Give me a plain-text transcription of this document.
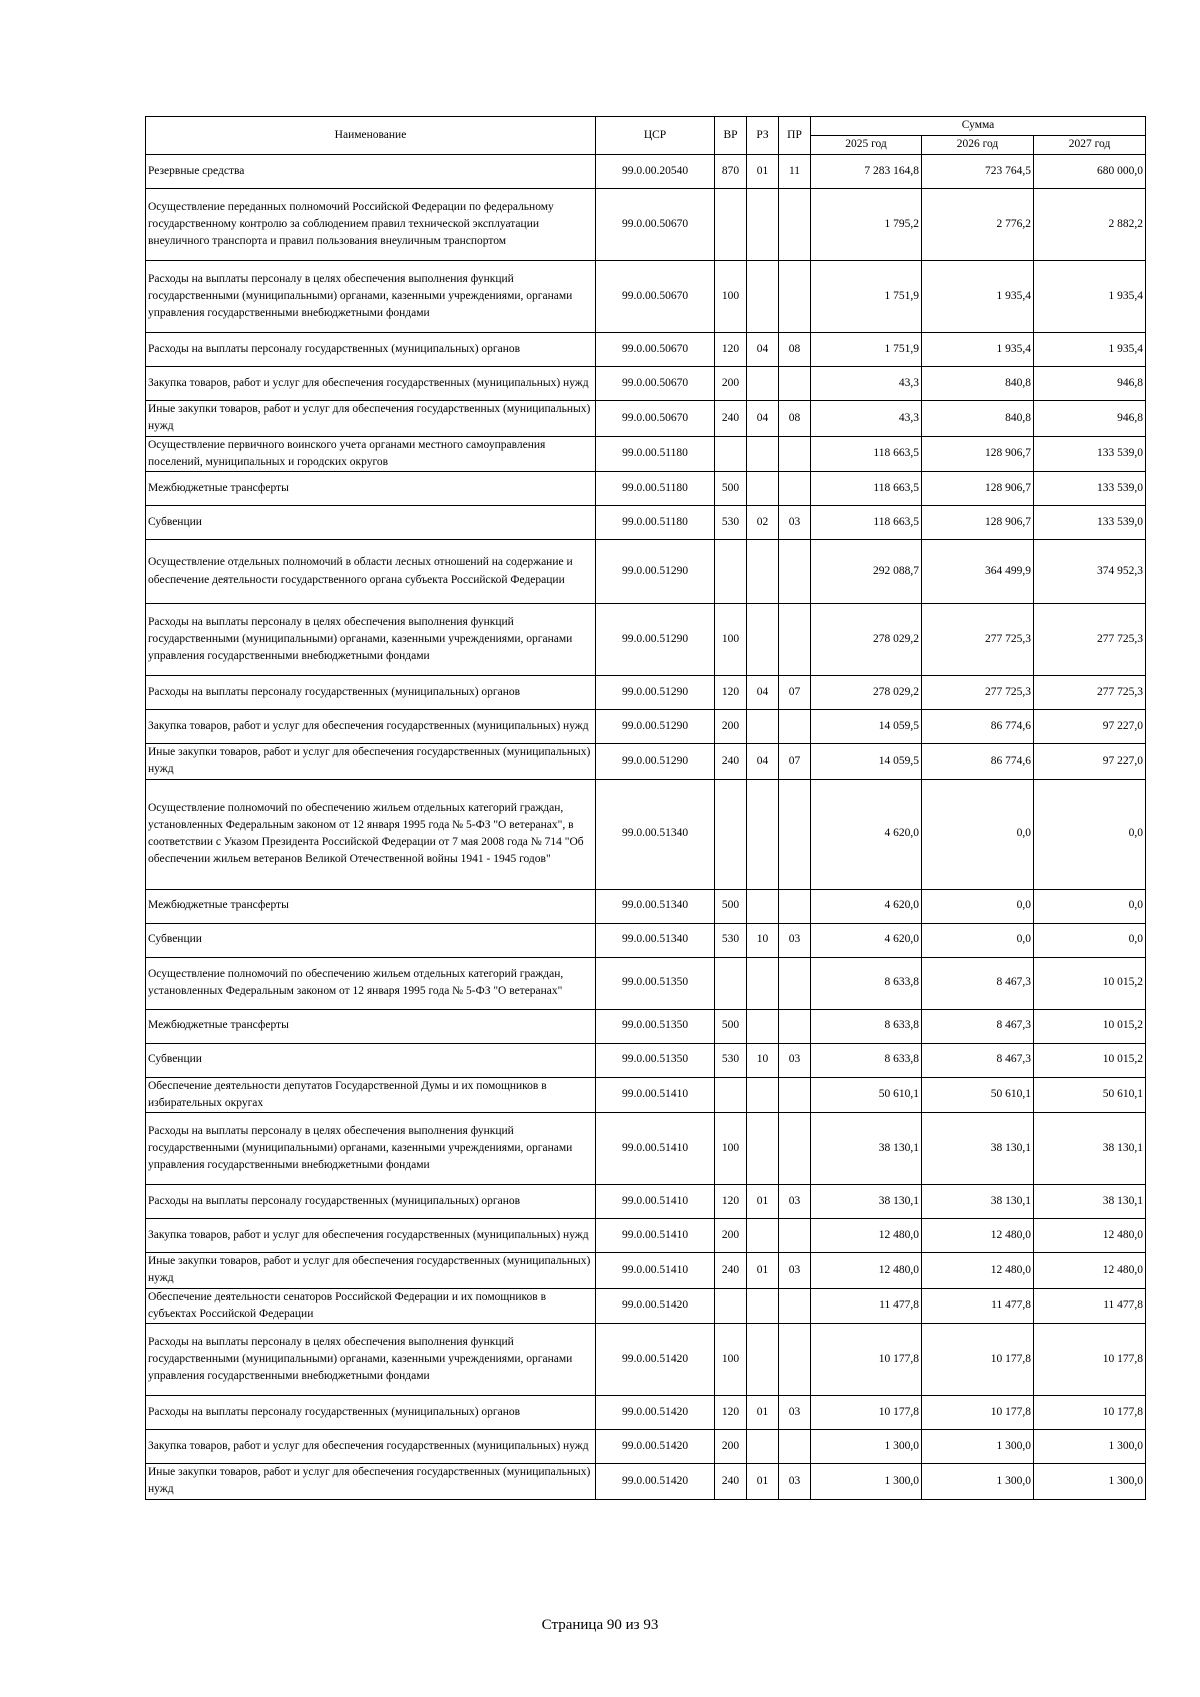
Наименование	ЦСР	ВР	РЗ	ПР	Сумма		
					2025 год	2026 год	2027 год
Резервные средства	99.0.00.20540	870	01	11	7 283 164,8	723 764,5	680 000,0
Осуществление переданных полномочий Российской Федерации по федеральному государственному контролю за соблюдением правил технической эксплуатации внеуличного транспорта и правил пользования внеуличным транспортом	99.0.00.50670				1 795,2	2 776,2	2 882,2
Расходы на выплаты персоналу в целях обеспечения выполнения функций государственными (муниципальными) органами, казенными учреждениями, органами управления государственными внебюджетными фондами	99.0.00.50670	100			1 751,9	1 935,4	1 935,4
Расходы на выплаты персоналу государственных (муниципальных) органов	99.0.00.50670	120	04	08	1 751,9	1 935,4	1 935,4
Закупка товаров, работ и услуг для обеспечения государственных (муниципальных) нужд	99.0.00.50670	200			43,3	840,8	946,8
Иные закупки товаров, работ и услуг для обеспечения государственных (муниципальных) нужд	99.0.00.50670	240	04	08	43,3	840,8	946,8
Осуществление первичного воинского учета органами местного самоуправления поселений, муниципальных и городских округов	99.0.00.51180				118 663,5	128 906,7	133 539,0
Межбюджетные трансферты	99.0.00.51180	500			118 663,5	128 906,7	133 539,0
Субвенции	99.0.00.51180	530	02	03	118 663,5	128 906,7	133 539,0
Осуществление отдельных полномочий в области лесных отношений на содержание и обеспечение деятельности государственного органа субъекта Российской Федерации	99.0.00.51290				292 088,7	364 499,9	374 952,3
Расходы на выплаты персоналу в целях обеспечения выполнения функций государственными (муниципальными) органами, казенными учреждениями, органами управления государственными внебюджетными фондами	99.0.00.51290	100			278 029,2	277 725,3	277 725,3
Расходы на выплаты персоналу государственных (муниципальных) органов	99.0.00.51290	120	04	07	278 029,2	277 725,3	277 725,3
Закупка товаров, работ и услуг для обеспечения государственных (муниципальных) нужд	99.0.00.51290	200			14 059,5	86 774,6	97 227,0
Иные закупки товаров, работ и услуг для обеспечения государственных (муниципальных) нужд	99.0.00.51290	240	04	07	14 059,5	86 774,6	97 227,0
Осуществление полномочий по обеспечению жильем отдельных категорий граждан, установленных Федеральным законом от 12 января 1995 года № 5-ФЗ "О ветеранах", в соответствии с Указом Президента Российской Федерации от 7 мая 2008 года № 714 "Об обеспечении жильем ветеранов Великой Отечественной войны 1941 - 1945 годов"	99.0.00.51340				4 620,0	0,0	0,0
Межбюджетные трансферты	99.0.00.51340	500			4 620,0	0,0	0,0
Субвенции	99.0.00.51340	530	10	03	4 620,0	0,0	0,0
Осуществление полномочий по обеспечению жильем отдельных категорий граждан, установленных Федеральным законом от 12 января 1995 года № 5-ФЗ "О ветеранах"	99.0.00.51350				8 633,8	8 467,3	10 015,2
Межбюджетные трансферты	99.0.00.51350	500			8 633,8	8 467,3	10 015,2
Субвенции	99.0.00.51350	530	10	03	8 633,8	8 467,3	10 015,2
Обеспечение деятельности депутатов Государственной Думы и их помощников в избирательных округах	99.0.00.51410				50 610,1	50 610,1	50 610,1
Расходы на выплаты персоналу в целях обеспечения выполнения функций государственными (муниципальными) органами, казенными учреждениями, органами управления государственными внебюджетными фондами	99.0.00.51410	100			38 130,1	38 130,1	38 130,1
Расходы на выплаты персоналу государственных (муниципальных) органов	99.0.00.51410	120	01	03	38 130,1	38 130,1	38 130,1
Закупка товаров, работ и услуг для обеспечения государственных (муниципальных) нужд	99.0.00.51410	200			12 480,0	12 480,0	12 480,0
Иные закупки товаров, работ и услуг для обеспечения государственных (муниципальных) нужд	99.0.00.51410	240	01	03	12 480,0	12 480,0	12 480,0
Обеспечение деятельности сенаторов Российской Федерации и их помощников в субъектах Российской Федерации	99.0.00.51420				11 477,8	11 477,8	11 477,8
Расходы на выплаты персоналу в целях обеспечения выполнения функций государственными (муниципальными) органами, казенными учреждениями, органами управления государственными внебюджетными фондами	99.0.00.51420	100			10 177,8	10 177,8	10 177,8
Расходы на выплаты персоналу государственных (муниципальных) органов	99.0.00.51420	120	01	03	10 177,8	10 177,8	10 177,8
Закупка товаров, работ и услуг для обеспечения государственных (муниципальных) нужд	99.0.00.51420	200			1 300,0	1 300,0	1 300,0
Иные закупки товаров, работ и услуг для обеспечения государственных (муниципальных) нужд	99.0.00.51420	240	01	03	1 300,0	1 300,0	1 300,0
Страница 90 из 93
